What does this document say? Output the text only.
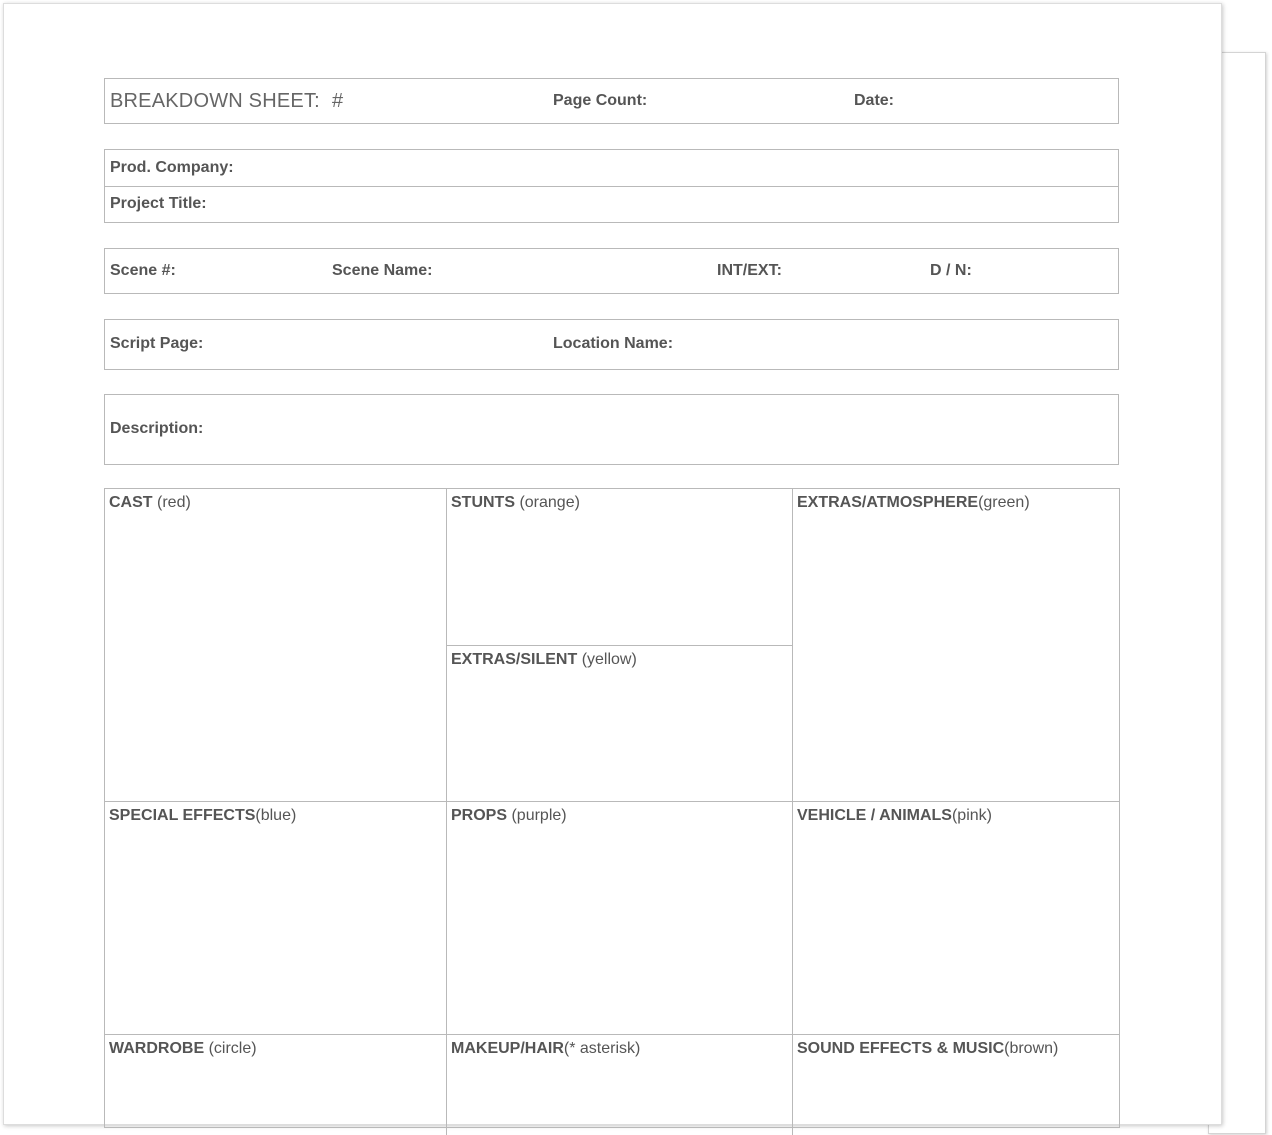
BREAKDOWN SHEET: #	Page Count:	Date:
Prod. Company:
Project Title:
Scene #:	Scene Name:	INT/EXT:	D / N:
Script Page:	Location Name:
Description:
CAST (red)	STUNTS (orange)
EXTRAS/SILENT (yellow)
EXTRAS/ATMOSPHERE(green)
SPECIAL EFFECTS(blue)	PROPS (purple)	VEHICLE / ANIMALS(pink)
WARDROBE (circle)	MAKEUP/HAIR(* asterisk)	SOUND EFFECTS & MUSIC(brown)
